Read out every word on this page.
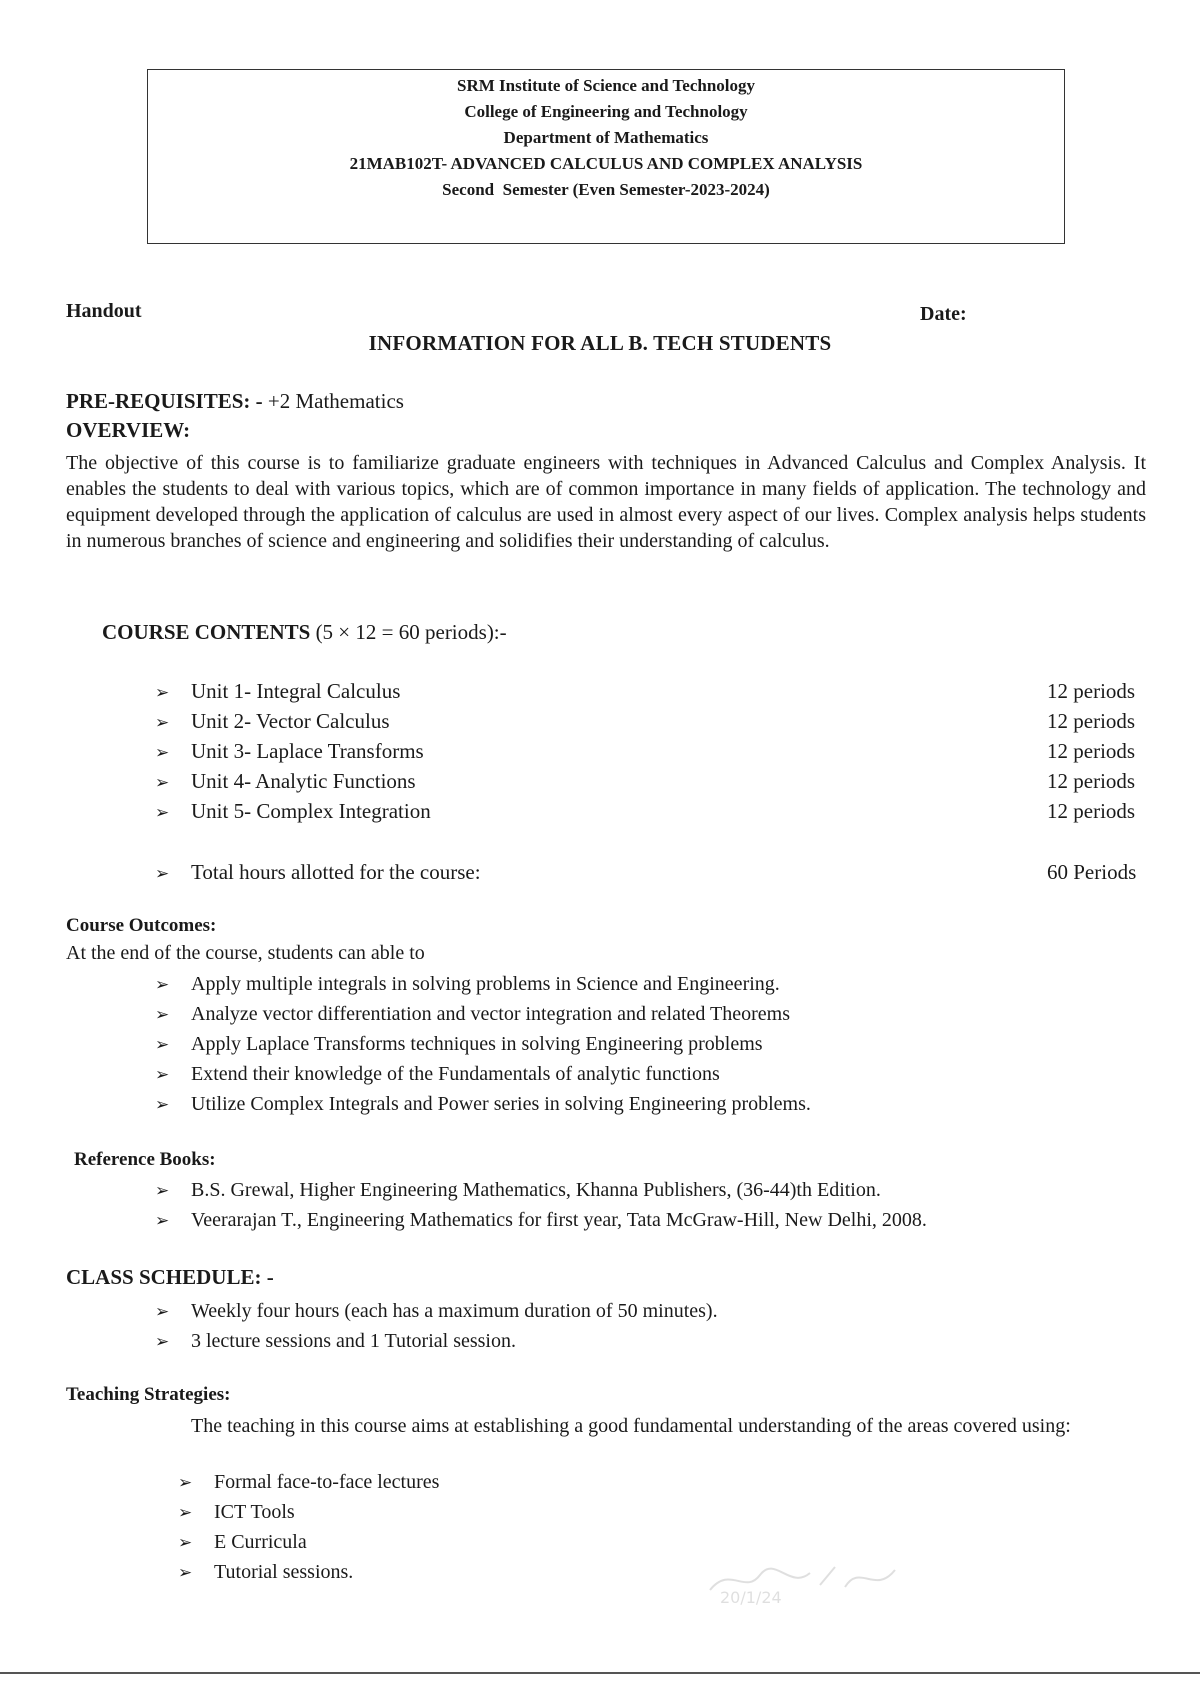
SRM Institute of Science and Technology
College of Engineering and Technology
Department of Mathematics
21MAB102T- ADVANCED CALCULUS AND COMPLEX ANALYSIS
Second  Semester (Even Semester-2023-2024)
Handout	Date:
INFORMATION FOR ALL B. TECH STUDENTS
PRE-REQUISITES: - +2 Mathematics
OVERVIEW:
The objective of this course is to familiarize graduate engineers with techniques in Advanced Calculus and Complex Analysis. It enables the students to deal with various topics, which are of common importance in many fields of application. The technology and equipment developed through the application of calculus are used in almost every aspect of our lives. Complex analysis helps students in numerous branches of science and engineering and solidifies their understanding of calculus.
COURSE CONTENTS (5 × 12 = 60 periods):-
➢ Unit 1- Integral Calculus	12 periods
➢ Unit 2- Vector Calculus	12 periods
➢ Unit 3- Laplace Transforms	12 periods
➢ Unit 4- Analytic Functions	12 periods
➢ Unit 5- Complex Integration	12 periods
➢ Total hours allotted for the course:	60 Periods
Course Outcomes:
At the end of the course, students can able to
➢ Apply multiple integrals in solving problems in Science and Engineering.
➢ Analyze vector differentiation and vector integration and related Theorems
➢ Apply Laplace Transforms techniques in solving Engineering problems
➢ Extend their knowledge of the Fundamentals of analytic functions
➢ Utilize Complex Integrals and Power series in solving Engineering problems.
Reference Books:
➢ B.S. Grewal, Higher Engineering Mathematics, Khanna Publishers, (36-44)th Edition.
➢ Veerarajan T., Engineering Mathematics for first year, Tata McGraw-Hill, New Delhi, 2008.
CLASS SCHEDULE: -
➢ Weekly four hours (each has a maximum duration of 50 minutes).
➢ 3 lecture sessions and 1 Tutorial session.
Teaching Strategies:
The teaching in this course aims at establishing a good fundamental understanding of the areas covered using:
➢ Formal face-to-face lectures
➢ ICT Tools
➢ E Curricula
➢ Tutorial sessions.
20/1/24
